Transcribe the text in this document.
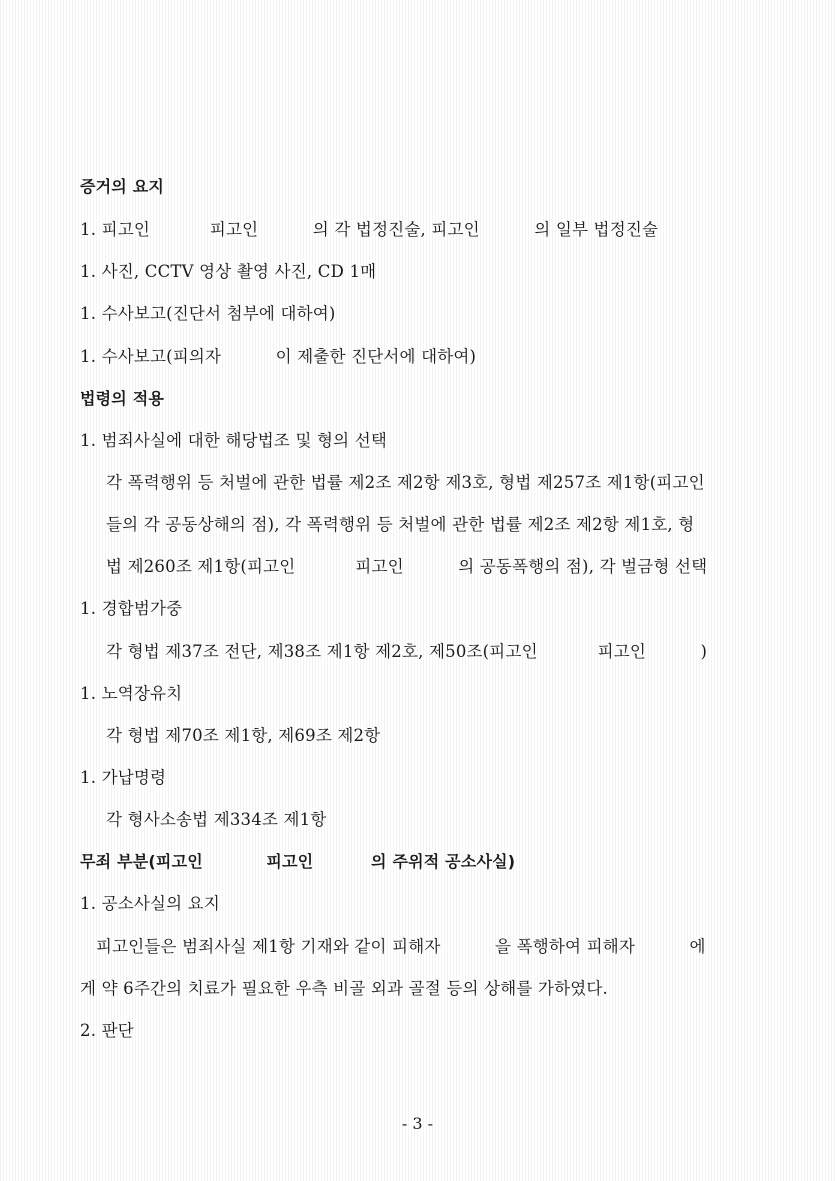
증거의 요지
1. 피고인           피고인          의 각 법정진술, 피고인          의 일부 법정진술
1. 사진, CCTV 영상 촬영 사진, CD 1매
1. 수사보고(진단서 첨부에 대하여)
1. 수사보고(피의자          이 제출한 진단서에 대하여)
법령의 적용
1. 범죄사실에 대한 해당법조 및 형의 선택
각 폭력행위 등 처벌에 관한 법률 제2조 제2항 제3호, 형법 제257조 제1항(피고인
들의 각 공동상해의 점), 각 폭력행위 등 처벌에 관한 법률 제2조 제2항 제1호, 형
법 제260조 제1항(피고인           피고인          의 공동폭행의 점), 각 벌금형 선택
1. 경합범가중
각 형법 제37조 전단, 제38조 제1항 제2호, 제50조(피고인           피고인          )
1. 노역장유치
각 형법 제70조 제1항, 제69조 제2항
1. 가납명령
각 형사소송법 제334조 제1항
무죄 부분(피고인           피고인          의 주위적 공소사실)
1. 공소사실의 요지
피고인들은 범죄사실 제1항 기재와 같이 피해자          을 폭행하여 피해자          에
게 약 6주간의 치료가 필요한 우측 비골 외과 골절 등의 상해를 가하였다.
2. 판단
- 3 -
